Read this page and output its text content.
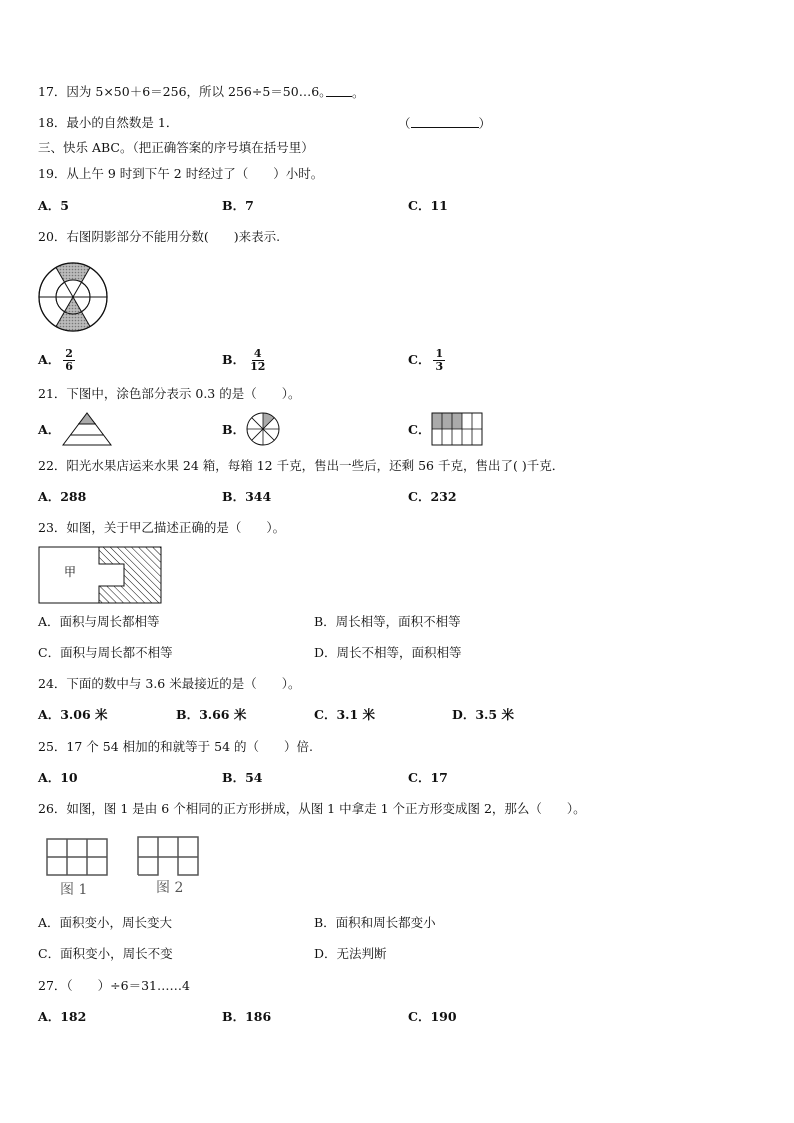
17．因为 5×50＋6＝256，所以 256÷5＝50…6。	。
18．最小的自然数是 1．	（	）
三、快乐 ABC。（把正确答案的序号填在括号里）
19．从上午 9 时到下午 2 时经过了（　　）小时。
A．5	B．7	C．11
20．右图阴影部分不能用分数(　　)来表示.
A． $\frac{2}{6}$	B． $\frac{4}{12}$	C． $\frac{1}{3}$
21．下图中，涂色部分表示 0.3 的是（　　）。
A．	B．	C．
22．阳光水果店运来水果 24 箱，每箱 12 千克，售出一些后，还剩 56 千克，售出了( )千克．
A．288	B．344	C．232
23．如图，关于甲乙描述正确的是（　　）。
甲
A．面积与周长都相等	B．周长相等，面积不相等
C．面积与周长都不相等	D．周长不相等，面积相等
24．下面的数中与 3.6 米最接近的是（　　）。
A．3.06 米	B．3.66 米	C．3.1 米	D．3.5 米
25．17 个 54 相加的和就等于 54 的（　　）倍.
A．10	B．54	C．17
26．如图，图 1 是由 6 个相同的正方形拼成，从图 1 中拿走 1 个正方形变成图 2，那么（　　）。
图 1	图 2
A．面积变小，周长变大	B．面积和周长都变小
C．面积变小，周长不变	D．无法判断
27．（　　）÷6＝31……4
A．182	B．186	C．190
